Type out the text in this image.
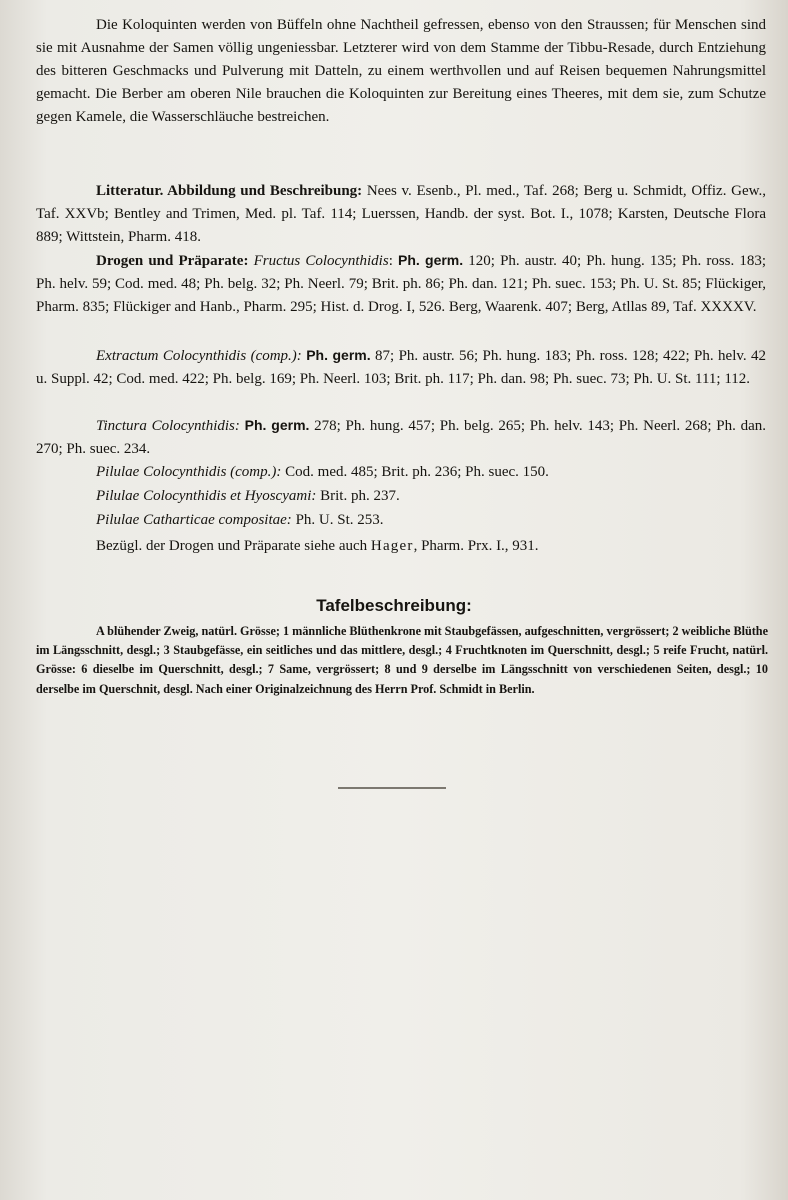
Die Koloquinten werden von Büffeln ohne Nachtheil gefressen, ebenso von den Straussen; für Menschen sind sie mit Ausnahme der Samen völlig ungeniessbar. Letzterer wird von dem Stamme der Tibbu-Resade, durch Entziehung des bitteren Geschmacks und Pulverung mit Datteln, zu einem werthvollen und auf Reisen bequemen Nahrungsmittel gemacht. Die Berber am oberen Nile brauchen die Koloquinten zur Bereitung eines Theeres, mit dem sie, zum Schutze gegen Kamele, die Wasserschläuche bestreichen.
Litteratur. Abbildung und Beschreibung: Nees v. Esenb., Pl. med., Taf. 268; Berg u. Schmidt, Offiz. Gew., Taf. XXVb; Bentley and Trimen, Med. pl. Taf. 114; Luerssen, Handb. der syst. Bot. I., 1078; Karsten, Deutsche Flora 889; Wittstein, Pharm. 418.
Drogen und Präparate: Fructus Colocynthidis: Ph. germ. 120; Ph. austr. 40; Ph. hung. 135; Ph. ross. 183; Ph. helv. 59; Cod. med. 48; Ph. belg. 32; Ph. Neerl. 79; Brit. ph. 86; Ph. dan. 121; Ph. suec. 153; Ph. U. St. 85; Flückiger, Pharm. 835; Flückiger and Hanb., Pharm. 295; Hist. d. Drog. I, 526. Berg, Waarenk. 407; Berg, Atllas 89, Taf. XXXXV.
Extractum Colocynthidis (comp.): Ph. germ. 87; Ph. austr. 56; Ph. hung. 183; Ph. ross. 128; 422; Ph. helv. 42 u. Suppl. 42; Cod. med. 422; Ph. belg. 169; Ph. Neerl. 103; Brit. ph. 117; Ph. dan. 98; Ph. suec. 73; Ph. U. St. 111; 112.
Tinctura Colocynthidis: Ph. germ. 278; Ph. hung. 457; Ph. belg. 265; Ph. helv. 143; Ph. Neerl. 268; Ph. dan. 270; Ph. suec. 234.
Pilulae Colocynthidis (comp.): Cod. med. 485; Brit. ph. 236; Ph. suec. 150.
Pilulae Colocynthidis et Hyoscyami: Brit. ph. 237.
Pilulae Catharticae compositae: Ph. U. St. 253.
Bezügl. der Drogen und Präparate siehe auch Hager, Pharm. Prx. I., 931.
Tafelbeschreibung:
A blühender Zweig, natürl. Grösse; 1 männliche Blüthenkrone mit Staubgefässen, aufgeschnitten, vergrössert; 2 weibliche Blüthe im Längsschnitt, desgl.; 3 Staubgefässe, ein seitliches und das mittlere, desgl.; 4 Fruchtknoten im Querschnitt, desgl.; 5 reife Frucht, natürl. Grösse: 6 dieselbe im Querschnitt, desgl.; 7 Same, vergrössert; 8 und 9 derselbe im Längsschnitt von verschiedenen Seiten, desgl.; 10 derselbe im Querschnit, desgl. Nach einer Originalzeichnung des Herrn Prof. Schmidt in Berlin.
